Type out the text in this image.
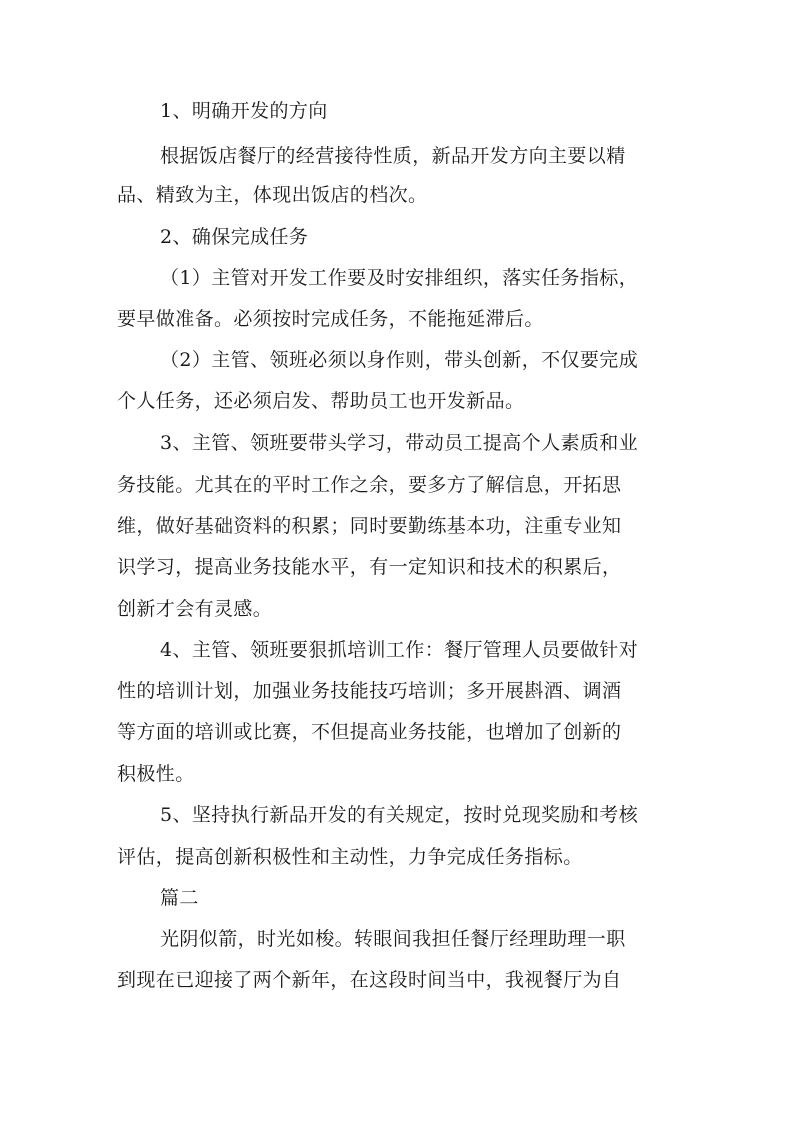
1、明确开发的方向
根据饭店餐厅的经营接待性质，新品开发方向主要以精
品、精致为主，体现出饭店的档次。
2、确保完成任务
（1）主管对开发工作要及时安排组织，落实任务指标，
要早做准备。必须按时完成任务，不能拖延滞后。
（2）主管、领班必须以身作则，带头创新，不仅要完成
个人任务，还必须启发、帮助员工也开发新品。
3、主管、领班要带头学习，带动员工提高个人素质和业
务技能。尤其在的平时工作之余，要多方了解信息，开拓思
维，做好基础资料的积累；同时要勤练基本功，注重专业知
识学习，提高业务技能水平，有一定知识和技术的积累后，
创新才会有灵感。
4、主管、领班要狠抓培训工作：餐厅管理人员要做针对
性的培训计划，加强业务技能技巧培训；多开展斟酒、调酒
等方面的培训或比赛，不但提高业务技能，也增加了创新的
积极性。
5、坚持执行新品开发的有关规定，按时兑现奖励和考核
评估，提高创新积极性和主动性，力争完成任务指标。
篇二
光阴似箭，时光如梭。转眼间我担任餐厅经理助理一职
到现在已迎接了两个新年，在这段时间当中，我视餐厅为自
